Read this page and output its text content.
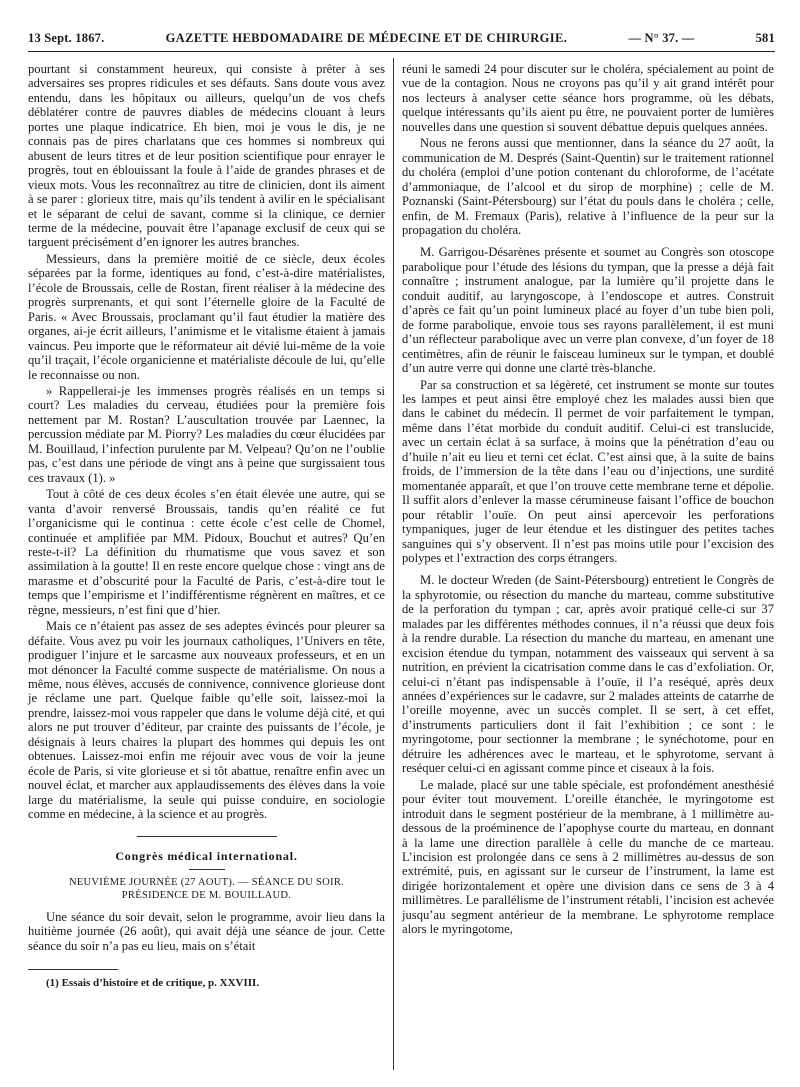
13 Sept. 1867.	GAZETTE HEBDOMADAIRE DE MÉDECINE ET DE CHIRURGIE.	— N° 37. —	581

pourtant si constamment heureux, qui consiste à prêter à ses adversaires ses propres ridicules et ses défauts. Sans doute vous avez entendu, dans les hôpitaux ou ailleurs, quelqu’un de vos chefs déblatérer contre de pauvres diables de médecins clouant à leurs portes une plaque indicatrice. Eh bien, moi je vous le dis, je ne connais pas de pires charlatans que ces hommes si nombreux qui abusent de leurs titres et de leur position scientifique pour enrayer le progrès, tout en éblouissant la foule à l’aide de grandes phrases et de vieux mots. Vous les reconnaîtrez au titre de clinicien, dont ils aiment à se parer : glorieux titre, mais qu’ils tendent à avilir en le spécialisant et le séparant de celui de savant, comme si la clinique, ce dernier terme de la médecine, pouvait être l’apanage exclusif de ceux qui se targuent précisément d’en ignorer les autres branches.

Messieurs, dans la première moitié de ce siècle, deux écoles séparées par la forme, identiques au fond, c’est-à-dire matérialistes, l’école de Broussais, celle de Rostan, firent réaliser à la médecine des progrès surprenants, et qui sont l’éternelle gloire de la Faculté de Paris. « Avec Broussais, proclamant qu’il faut étudier la matière des organes, ai-je écrit ailleurs, l’animisme et le vitalisme étaient à jamais vaincus. Peu importe que le réformateur ait dévié lui-même de la voie qu’il traçait, l’école organicienne et matérialiste découle de lui, qu’elle le reconnaisse ou non.

» Rappellerai-je les immenses progrès réalisés en un temps si court? Les maladies du cerveau, étudiées pour la première fois nettement par M. Rostan? L’auscultation trouvée par Laennec, la percussion médiate par M. Piorry? Les maladies du cœur élucidées par M. Bouillaud, l’infection purulente par M. Velpeau? Qu’on ne l’oublie pas, c’est dans une période de vingt ans à peine que surgissaient tous ces travaux (1). »

Tout à côté de ces deux écoles s’en était élevée une autre, qui se vanta d’avoir renversé Broussais, tandis qu’en réalité ce fut l’organicisme qui le continua : cette école c’est celle de Chomel, continuée et amplifiée par MM. Pidoux, Bouchut et autres? Qu’en reste-t-il? La définition du rhumatisme que vous savez et son assimilation à la goutte! Il en reste encore quelque chose : vingt ans de marasme et d’obscurité pour la Faculté de Paris, c’est-à-dire tout le temps que l’empirisme et l’indifférentisme régnèrent en maîtres, et ce règne, messieurs, n’est fini que d’hier.

Mais ce n’étaient pas assez de ses adeptes évincés pour pleurer sa défaite. Vous avez pu voir les journaux catholiques, l’Univers en tête, prodiguer l’injure et le sarcasme aux nouveaux professeurs, et en un mot dénoncer la Faculté comme suspecte de matérialisme. On nous a même, nous élèves, accusés de connivence, connivence glorieuse dont je réclame une part. Quelque faible qu’elle soit, laissez-moi la prendre, laissez-moi vous rappeler que dans le volume déjà cité, et qui alors ne put trouver d’éditeur, par crainte des puissants de l’école, je désignais à leurs chaires la plupart des hommes qui depuis les ont obtenues. Laissez-moi enfin me réjouir avec vous de voir la jeune école de Paris, si vite glorieuse et si tôt abattue, renaître enfin avec un nouvel éclat, et marcher aux applaudissements des élèves dans la voie large du matérialisme, la seule qui puisse conduire, en sociologie comme en médecine, à la science et au progrès.

Congrès médical international.
NEUVIÈME JOURNÉE (27 AOUT). — SÉANCE DU SOIR.
PRÉSIDENCE DE M. BOUILLAUD.

Une séance du soir devait, selon le programme, avoir lieu dans la huitième journée (26 août), qui avait déjà une séance de jour. Cette séance du soir n’a pas eu lieu, mais on s’était

(1) Essais d’histoire et de critique, p. XXVIII.

réuni le samedi 24 pour discuter sur le choléra, spécialement au point de vue de la contagion. Nous ne croyons pas qu’il y ait grand intérêt pour nos lecteurs à analyser cette séance hors programme, où les débats, quelque intéressants qu’ils aient pu être, ne pouvaient porter de lumières nouvelles dans une question si souvent débattue depuis quelques années.

Nous ne ferons aussi que mentionner, dans la séance du 27 août, la communication de M. Després (Saint-Quentin) sur le traitement rationnel du choléra (emploi d’une potion contenant du chloroforme, de l’acétate d’ammoniaque, de l’alcool et du sirop de morphine) ; celle de M. Poznanski (Saint-Pétersbourg) sur l’état du pouls dans le choléra ; celle, enfin, de M. Fremaux (Paris), relative à l’influence de la peur sur la propagation du choléra.

M. Garrigou-Désarènes présente et soumet au Congrès son otoscope parabolique pour l’étude des lésions du tympan, que la presse a déjà fait connaître ; instrument analogue, par la lumière qu’il projette dans le conduit auditif, au laryngoscope, à l’endoscope et autres. Construit d’après ce fait qu’un point lumineux placé au foyer d’un tube bien poli, de forme parabolique, envoie tous ses rayons parallèlement, il est muni d’un réflecteur parabolique avec un verre plan convexe, d’un foyer de 18 centimètres, afin de réunir le faisceau lumineux sur le tympan, et doublé d’un autre verre qui donne une clarté très-blanche.

Par sa construction et sa légèreté, cet instrument se monte sur toutes les lampes et peut ainsi être employé chez les malades aussi bien que dans le cabinet du médecin. Il permet de voir parfaitement le tympan, même dans l’état morbide du conduit auditif. Celui-ci est translucide, avec un certain éclat à sa surface, à moins que la pénétration d’eau ou d’huile n’ait eu lieu et terni cet éclat. C’est ainsi que, à la suite de bains froids, de l’immersion de la tête dans l’eau ou d’injections, une surdité momentanée apparaît, et que l’on trouve cette membrane terne et dépolie. Il suffit alors d’enlever la masse cérumineuse faisant l’office de bouchon pour rétablir l’ouïe. On peut ainsi apercevoir les perforations tympaniques, juger de leur étendue et les distinguer des petites taches sanguines qui s’y observent. Il n’est pas moins utile pour l’excision des polypes et l’extraction des corps étrangers.

M. le docteur Wreden (de Saint-Pétersbourg) entretient le Congrès de la sphyrotomie, ou résection du manche du marteau, comme substitutive de la perforation du tympan ; car, après avoir pratiqué celle-ci sur 37 malades par les différentes méthodes connues, il n’a réussi que deux fois à la rendre durable. La résection du manche du marteau, en amenant une excision étendue du tympan, notamment des vaisseaux qui servent à sa nutrition, en prévient la cicatrisation comme dans le cas d’exfoliation. Or, celui-ci n’étant pas indispensable à l’ouïe, il l’a reséqué, après deux années d’expériences sur le cadavre, sur 2 malades atteints de catarrhe de l’oreille moyenne, avec un succès complet. Il se sert, à cet effet, d’instruments particuliers dont il fait l’exhibition ; ce sont : le myringotome, pour sectionner la membrane ; le synéchotome, pour en détruire les adhérences avec le marteau, et le sphyrotome, servant à reséquer celui-ci en agissant comme pince et ciseaux à la fois.

Le malade, placé sur une table spéciale, est profondément anesthésié pour éviter tout mouvement. L’oreille étanchée, le myringotome est introduit dans le segment postérieur de la membrane, à 1 millimètre au-dessous de la proéminence de l’apophyse courte du marteau, en donnant à la lame une direction parallèle à celle du manche de ce marteau. L’incision est prolongée dans ce sens à 2 millimètres au-dessus de son extrémité, puis, en agissant sur le curseur de l’instrument, la lame est dirigée horizontalement et opère une division dans ce sens de 3 à 4 millimètres. Le parallélisme de l’instrument rétabli, l’incision est achevée jusqu’au segment antérieur de la membrane. Le sphyrotome remplace alors le myringotome,
